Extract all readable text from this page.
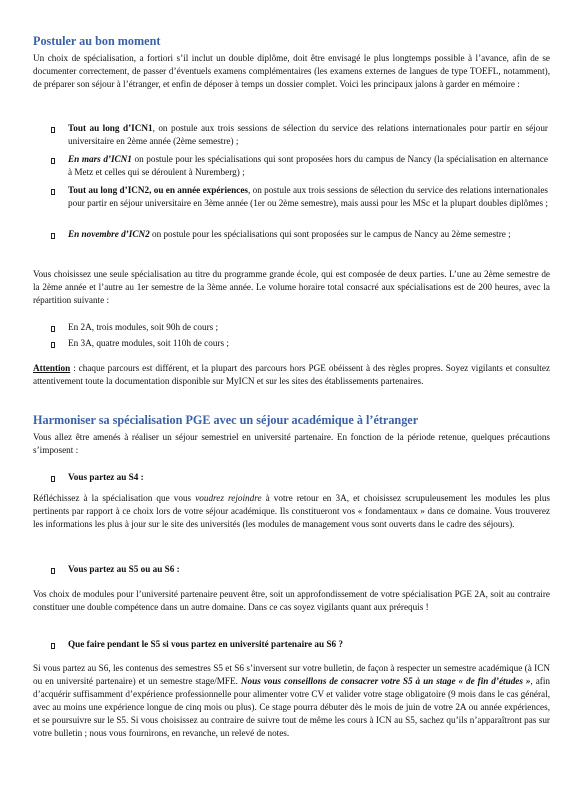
Postuler au bon moment

Un choix de spécialisation, a fortiori s’il inclut un double diplôme, doit être envisagé le plus longtemps possible à l’avance, afin de se documenter correctement, de passer d’éventuels examens complémentaires (les examens externes de langues de type TOEFL, notamment), de préparer son séjour à l’étranger, et enfin de déposer à temps un dossier complet. Voici les principaux jalons à garder en mémoire :

Tout au long d’ICN1, on postule aux trois sessions de sélection du service des relations internationales pour partir en séjour universitaire en 2ème année (2ème semestre) ;

En mars d’ICN1 on postule pour les spécialisations qui sont proposées hors du campus de Nancy (la spécialisation en alternance à Metz et celles qui se déroulent à Nuremberg) ;

Tout au long d’ICN2, ou en année expériences, on postule aux trois sessions de sélection du service des relations internationales pour partir en séjour universitaire en 3ème année (1er ou 2ème semestre), mais aussi pour les MSc et la plupart doubles diplômes ;

En novembre d’ICN2 on postule pour les spécialisations qui sont proposées sur le campus de Nancy au 2ème semestre ;

Vous choisissez une seule spécialisation au titre du programme grande école, qui est composée de deux parties. L’une au 2ème semestre de la 2ème année et l’autre au 1er semestre de la 3ème année. Le volume horaire total consacré aux spécialisations est de 200 heures, avec la répartition suivante :

En 2A, trois modules, soit 90h de cours ;

En 3A, quatre modules, soit 110h de cours ;

Attention : chaque parcours est différent, et la plupart des parcours hors PGE obéissent à des règles propres. Soyez vigilants et consultez attentivement toute la documentation disponible sur MyICN et sur les sites des établissements partenaires.

Harmoniser sa spécialisation PGE avec un séjour académique à l’étranger

Vous allez être amenés à réaliser un séjour semestriel en université partenaire. En fonction de la période retenue, quelques précautions s’imposent :

Vous partez au S4 :

Réfléchissez à la spécialisation que vous voudrez rejoindre à votre retour en 3A, et choisissez scrupuleusement les modules les plus pertinents par rapport à ce choix lors de votre séjour académique. Ils constitueront vos « fondamentaux » dans ce domaine. Vous trouverez les informations les plus à jour sur le site des universités (les modules de management vous sont ouverts dans le cadre des séjours).

Vous partez au S5 ou au S6 :

Vos choix de modules pour l’université partenaire peuvent être, soit un approfondissement de votre spécialisation PGE 2A, soit au contraire constituer une double compétence dans un autre domaine. Dans ce cas soyez vigilants quant aux prérequis !

Que faire pendant le S5 si vous partez en université partenaire au S6 ?

Si vous partez au S6, les contenus des semestres S5 et S6 s’inversent sur votre bulletin, de façon à respecter un semestre académique (à ICN ou en université partenaire) et un semestre stage/MFE. Nous vous conseillons de consacrer votre S5 à un stage « de fin d’études », afin d’acquérir suffisamment d’expérience professionnelle pour alimenter votre CV et valider votre stage obligatoire (9 mois dans le cas général, avec au moins une expérience longue de cinq mois ou plus). Ce stage pourra débuter dès le mois de juin de votre 2A ou année expériences, et se poursuivre sur le S5. Si vous choisissez au contraire de suivre tout de même les cours à ICN au S5, sachez qu’ils n’apparaîtront pas sur votre bulletin ; nous vous fournirons, en revanche, un relevé de notes.
